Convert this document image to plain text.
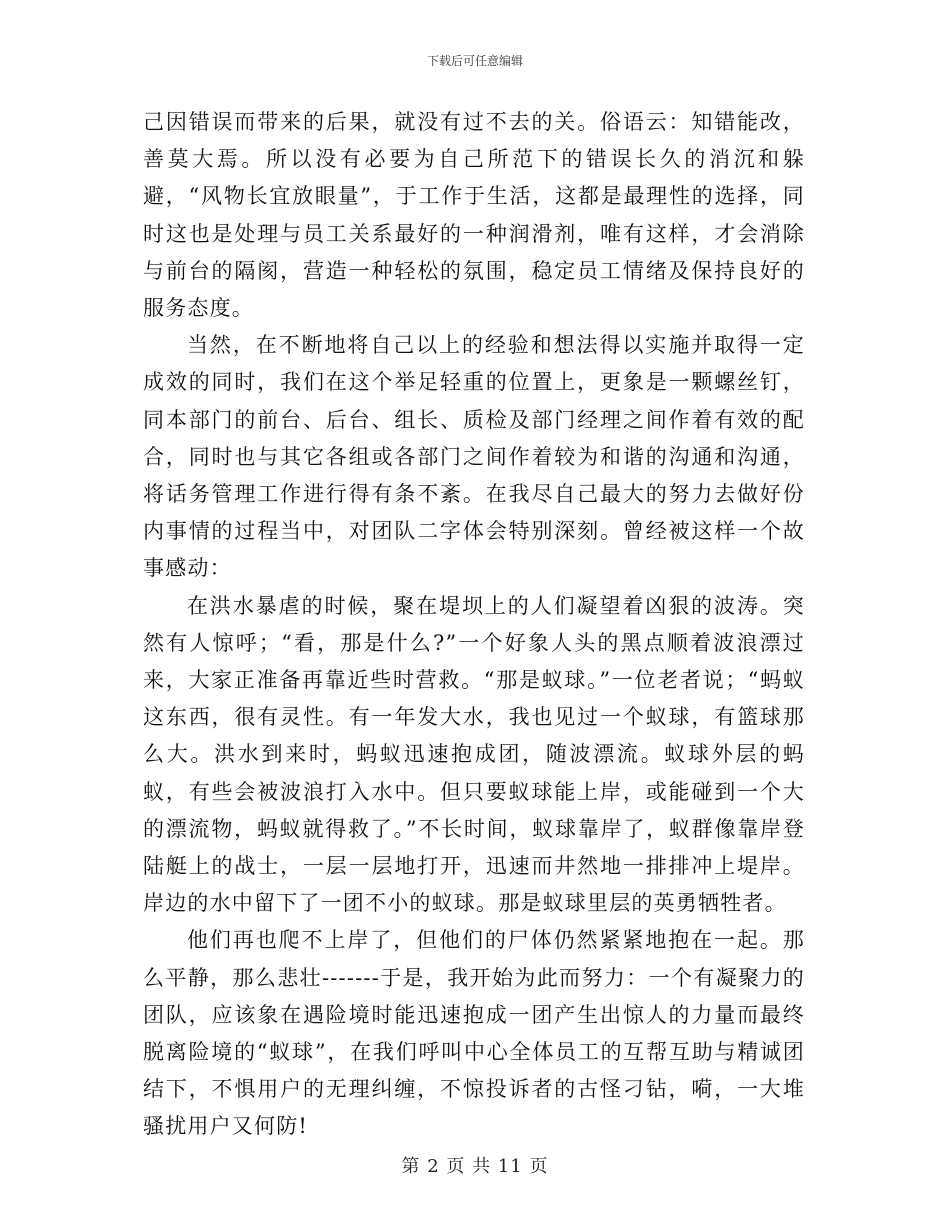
下载后可任意编辑

己因错误而带来的后果，就没有过不去的关。俗语云：知错能改，善莫大焉。所以没有必要为自己所范下的错误长久的消沉和躲避，“风物长宜放眼量”，于工作于生活，这都是最理性的选择，同时这也是处理与员工关系最好的一种润滑剂，唯有这样，才会消除与前台的隔阂，营造一种轻松的氛围，稳定员工情绪及保持良好的服务态度。

当然，在不断地将自己以上的经验和想法得以实施并取得一定成效的同时，我们在这个举足轻重的位置上，更象是一颗螺丝钉，同本部门的前台、后台、组长、质检及部门经理之间作着有效的配合，同时也与其它各组或各部门之间作着较为和谐的沟通和沟通，将话务管理工作进行得有条不紊。在我尽自己最大的努力去做好份内事情的过程当中，对团队二字体会特别深刻。曾经被这样一个故事感动：

在洪水暴虐的时候，聚在堤坝上的人们凝望着凶狠的波涛。突然有人惊呼；“看，那是什么?”一个好象人头的黑点顺着波浪漂过来，大家正准备再靠近些时营救。“那是蚁球。”一位老者说；“蚂蚁这东西，很有灵性。有一年发大水，我也见过一个蚁球，有篮球那么大。洪水到来时，蚂蚁迅速抱成团，随波漂流。蚁球外层的蚂蚁，有些会被波浪打入水中。但只要蚁球能上岸，或能碰到一个大的漂流物，蚂蚁就得救了。”不长时间，蚁球靠岸了，蚁群像靠岸登陆艇上的战士，一层一层地打开，迅速而井然地一排排冲上堤岸。岸边的水中留下了一团不小的蚁球。那是蚁球里层的英勇牺牲者。

他们再也爬不上岸了，但他们的尸体仍然紧紧地抱在一起。那么平静，那么悲壮-------于是，我开始为此而努力：一个有凝聚力的团队，应该象在遇险境时能迅速抱成一团产生出惊人的力量而最终脱离险境的“蚁球”，在我们呼叫中心全体员工的互帮互助与精诚团结下，不惧用户的无理纠缠，不惊投诉者的古怪刁钻，嗬，一大堆骚扰用户又何防!

第 2 页 共 11 页
